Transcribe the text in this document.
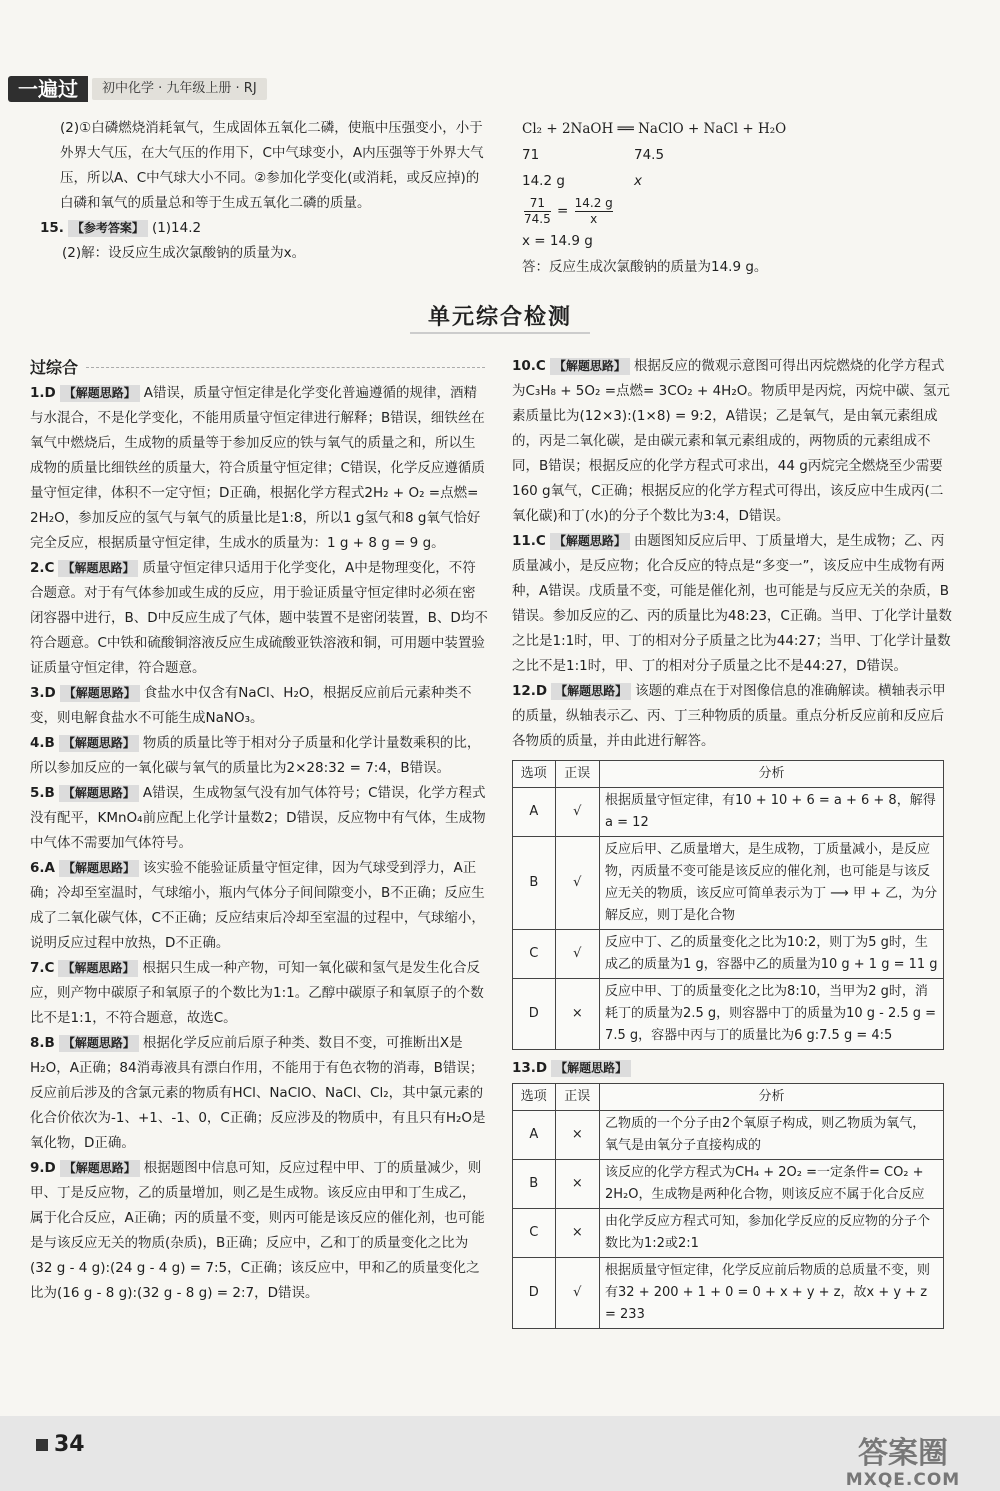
一遍过	初中化学 · 九年级上册 · RJ

(2)①白磷燃烧消耗氧气，生成固体五氧化二磷，使瓶中压强变小，小于外界大气压，在大气压的作用下，C中气球变小，A内压强等于外界大气压，所以A、C中气球大小不同。②参加化学变化(或消耗，或反应掉)的白磷和氧气的质量总和等于生成五氧化二磷的质量。

15. 【参考答案】 (1)14.2

(2)解：设反应生成次氯酸钠的质量为x。

Cl₂ + 2NaOH ══ NaClO + NaCl + H₂O

71	74.5

14.2 g	x

$\frac{71}{74.5} = \frac{14.2 g}{x}$

x = 14.9 g

答：反应生成次氯酸钠的质量为14.9 g。

单元综合检测
过综合

1.D 【解题思路】 A错误，质量守恒定律是化学变化普遍遵循的规律，酒精与水混合，不是化学变化，不能用质量守恒定律进行解释；B错误，细铁丝在氧气中燃烧后，生成物的质量等于参加反应的铁与氧气的质量之和，所以生成物的质量比细铁丝的质量大，符合质量守恒定律；C错误，化学反应遵循质量守恒定律，体积不一定守恒；D正确，根据化学方程式2H₂ + O₂ =点燃= 2H₂O，参加反应的氢气与氧气的质量比是1:8，所以1 g氢气和8 g氧气恰好完全反应，根据质量守恒定律，生成水的质量为：1 g + 8 g = 9 g。

2.C 【解题思路】 质量守恒定律只适用于化学变化，A中是物理变化，不符合题意。对于有气体参加或生成的反应，用于验证质量守恒定律时必须在密闭容器中进行，B、D中反应生成了气体，题中装置不是密闭装置，B、D均不符合题意。C中铁和硫酸铜溶液反应生成硫酸亚铁溶液和铜，可用题中装置验证质量守恒定律，符合题意。

3.D 【解题思路】 食盐水中仅含有NaCl、H₂O，根据反应前后元素种类不变，则电解食盐水不可能生成NaNO₃。

4.B 【解题思路】 物质的质量比等于相对分子质量和化学计量数乘积的比，所以参加反应的一氧化碳与氧气的质量比为2×28:32 = 7:4，B错误。

5.B 【解题思路】 A错误，生成物氢气没有加气体符号；C错误，化学方程式没有配平，KMnO₄前应配上化学计量数2；D错误，反应物中有气体，生成物中气体不需要加气体符号。

6.A 【解题思路】 该实验不能验证质量守恒定律，因为气球受到浮力，A正确；冷却至室温时，气球缩小，瓶内气体分子间间隙变小，B不正确；反应生成了二氧化碳气体，C不正确；反应结束后冷却至室温的过程中，气球缩小，说明反应过程中放热，D不正确。

7.C 【解题思路】 根据只生成一种产物，可知一氧化碳和氢气是发生化合反应，则产物中碳原子和氧原子的个数比为1:1。乙醇中碳原子和氧原子的个数比不是1:1，不符合题意，故选C。

8.B 【解题思路】 根据化学反应前后原子种类、数目不变，可推断出X是H₂O，A正确；84消毒液具有漂白作用，不能用于有色衣物的消毒，B错误；反应前后涉及的含氯元素的物质有HCl、NaClO、NaCl、Cl₂，其中氯元素的化合价依次为-1、+1、-1、0，C正确；反应涉及的物质中，有且只有H₂O是氧化物，D正确。

9.D 【解题思路】 根据题图中信息可知，反应过程中甲、丁的质量减少，则甲、丁是反应物，乙的质量增加，则乙是生成物。该反应由甲和丁生成乙，属于化合反应，A正确；丙的质量不变，则丙可能是该反应的催化剂，也可能是与该反应无关的物质(杂质)，B正确；反应中，乙和丁的质量变化之比为(32 g - 4 g):(24 g - 4 g) = 7:5，C正确；该反应中，甲和乙的质量变化之比为(16 g - 8 g):(32 g - 8 g) = 2:7，D错误。

10.C 【解题思路】 根据反应的微观示意图可得出丙烷燃烧的化学方程式为C₃H₈ + 5O₂ =点燃= 3CO₂ + 4H₂O。物质甲是丙烷，丙烷中碳、氢元素质量比为(12×3):(1×8) = 9:2，A错误；乙是氧气，是由氧元素组成的，丙是二氧化碳，是由碳元素和氧元素组成的，两物质的元素组成不同，B错误；根据反应的化学方程式可求出，44 g丙烷完全燃烧至少需要160 g氧气，C正确；根据反应的化学方程式可得出，该反应中生成丙(二氧化碳)和丁(水)的分子个数比为3:4，D错误。

11.C 【解题思路】 由题图知反应后甲、丁质量增大，是生成物；乙、丙质量减小，是反应物；化合反应的特点是“多变一”，该反应中生成物有两种，A错误。戊质量不变，可能是催化剂，也可能是与反应无关的杂质，B错误。参加反应的乙、丙的质量比为48:23，C正确。当甲、丁化学计量数之比是1:1时，甲、丁的相对分子质量之比为44:27；当甲、丁化学计量数之比不是1:1时，甲、丁的相对分子质量之比不是44:27，D错误。

12.D 【解题思路】 该题的难点在于对图像信息的准确解读。横轴表示甲的质量，纵轴表示乙、丙、丁三种物质的质量。重点分析反应前和反应后各物质的质量，并由此进行解答。

选项	正误	分析
A	√	根据质量守恒定律，有10 + 10 + 6 = a + 6 + 8，解得a = 12
B	√	反应后甲、乙质量增大，是生成物，丁质量减小，是反应物，丙质量不变可能是该反应的催化剂，也可能是与该反应无关的物质，该反应可简单表示为丁 ⟶ 甲 + 乙，为分解反应，则丁是化合物
C	√	反应中丁、乙的质量变化之比为10:2，则丁为5 g时，生成乙的质量为1 g，容器中乙的质量为10 g + 1 g = 11 g
D	×	反应中甲、丁的质量变化之比为8:10，当甲为2 g时，消耗丁的质量为2.5 g，则容器中丁的质量为10 g - 2.5 g = 7.5 g，容器中丙与丁的质量比为6 g:7.5 g = 4:5

13.D 【解题思路】

选项	正误	分析
A	×	乙物质的一个分子由2个氧原子构成，则乙物质为氧气，氧气是由氧分子直接构成的
B	×	该反应的化学方程式为CH₄ + 2O₂ =一定条件= CO₂ + 2H₂O，生成物是两种化合物，则该反应不属于化合反应
C	×	由化学反应方程式可知，参加化学反应的反应物的分子个数比为1:2或2:1
D	√	根据质量守恒定律，化学反应前后物质的总质量不变，则有32 + 200 + 1 + 0 = 0 + x + y + z，故x + y + z = 233
34	答案圈
MXQE.COM
